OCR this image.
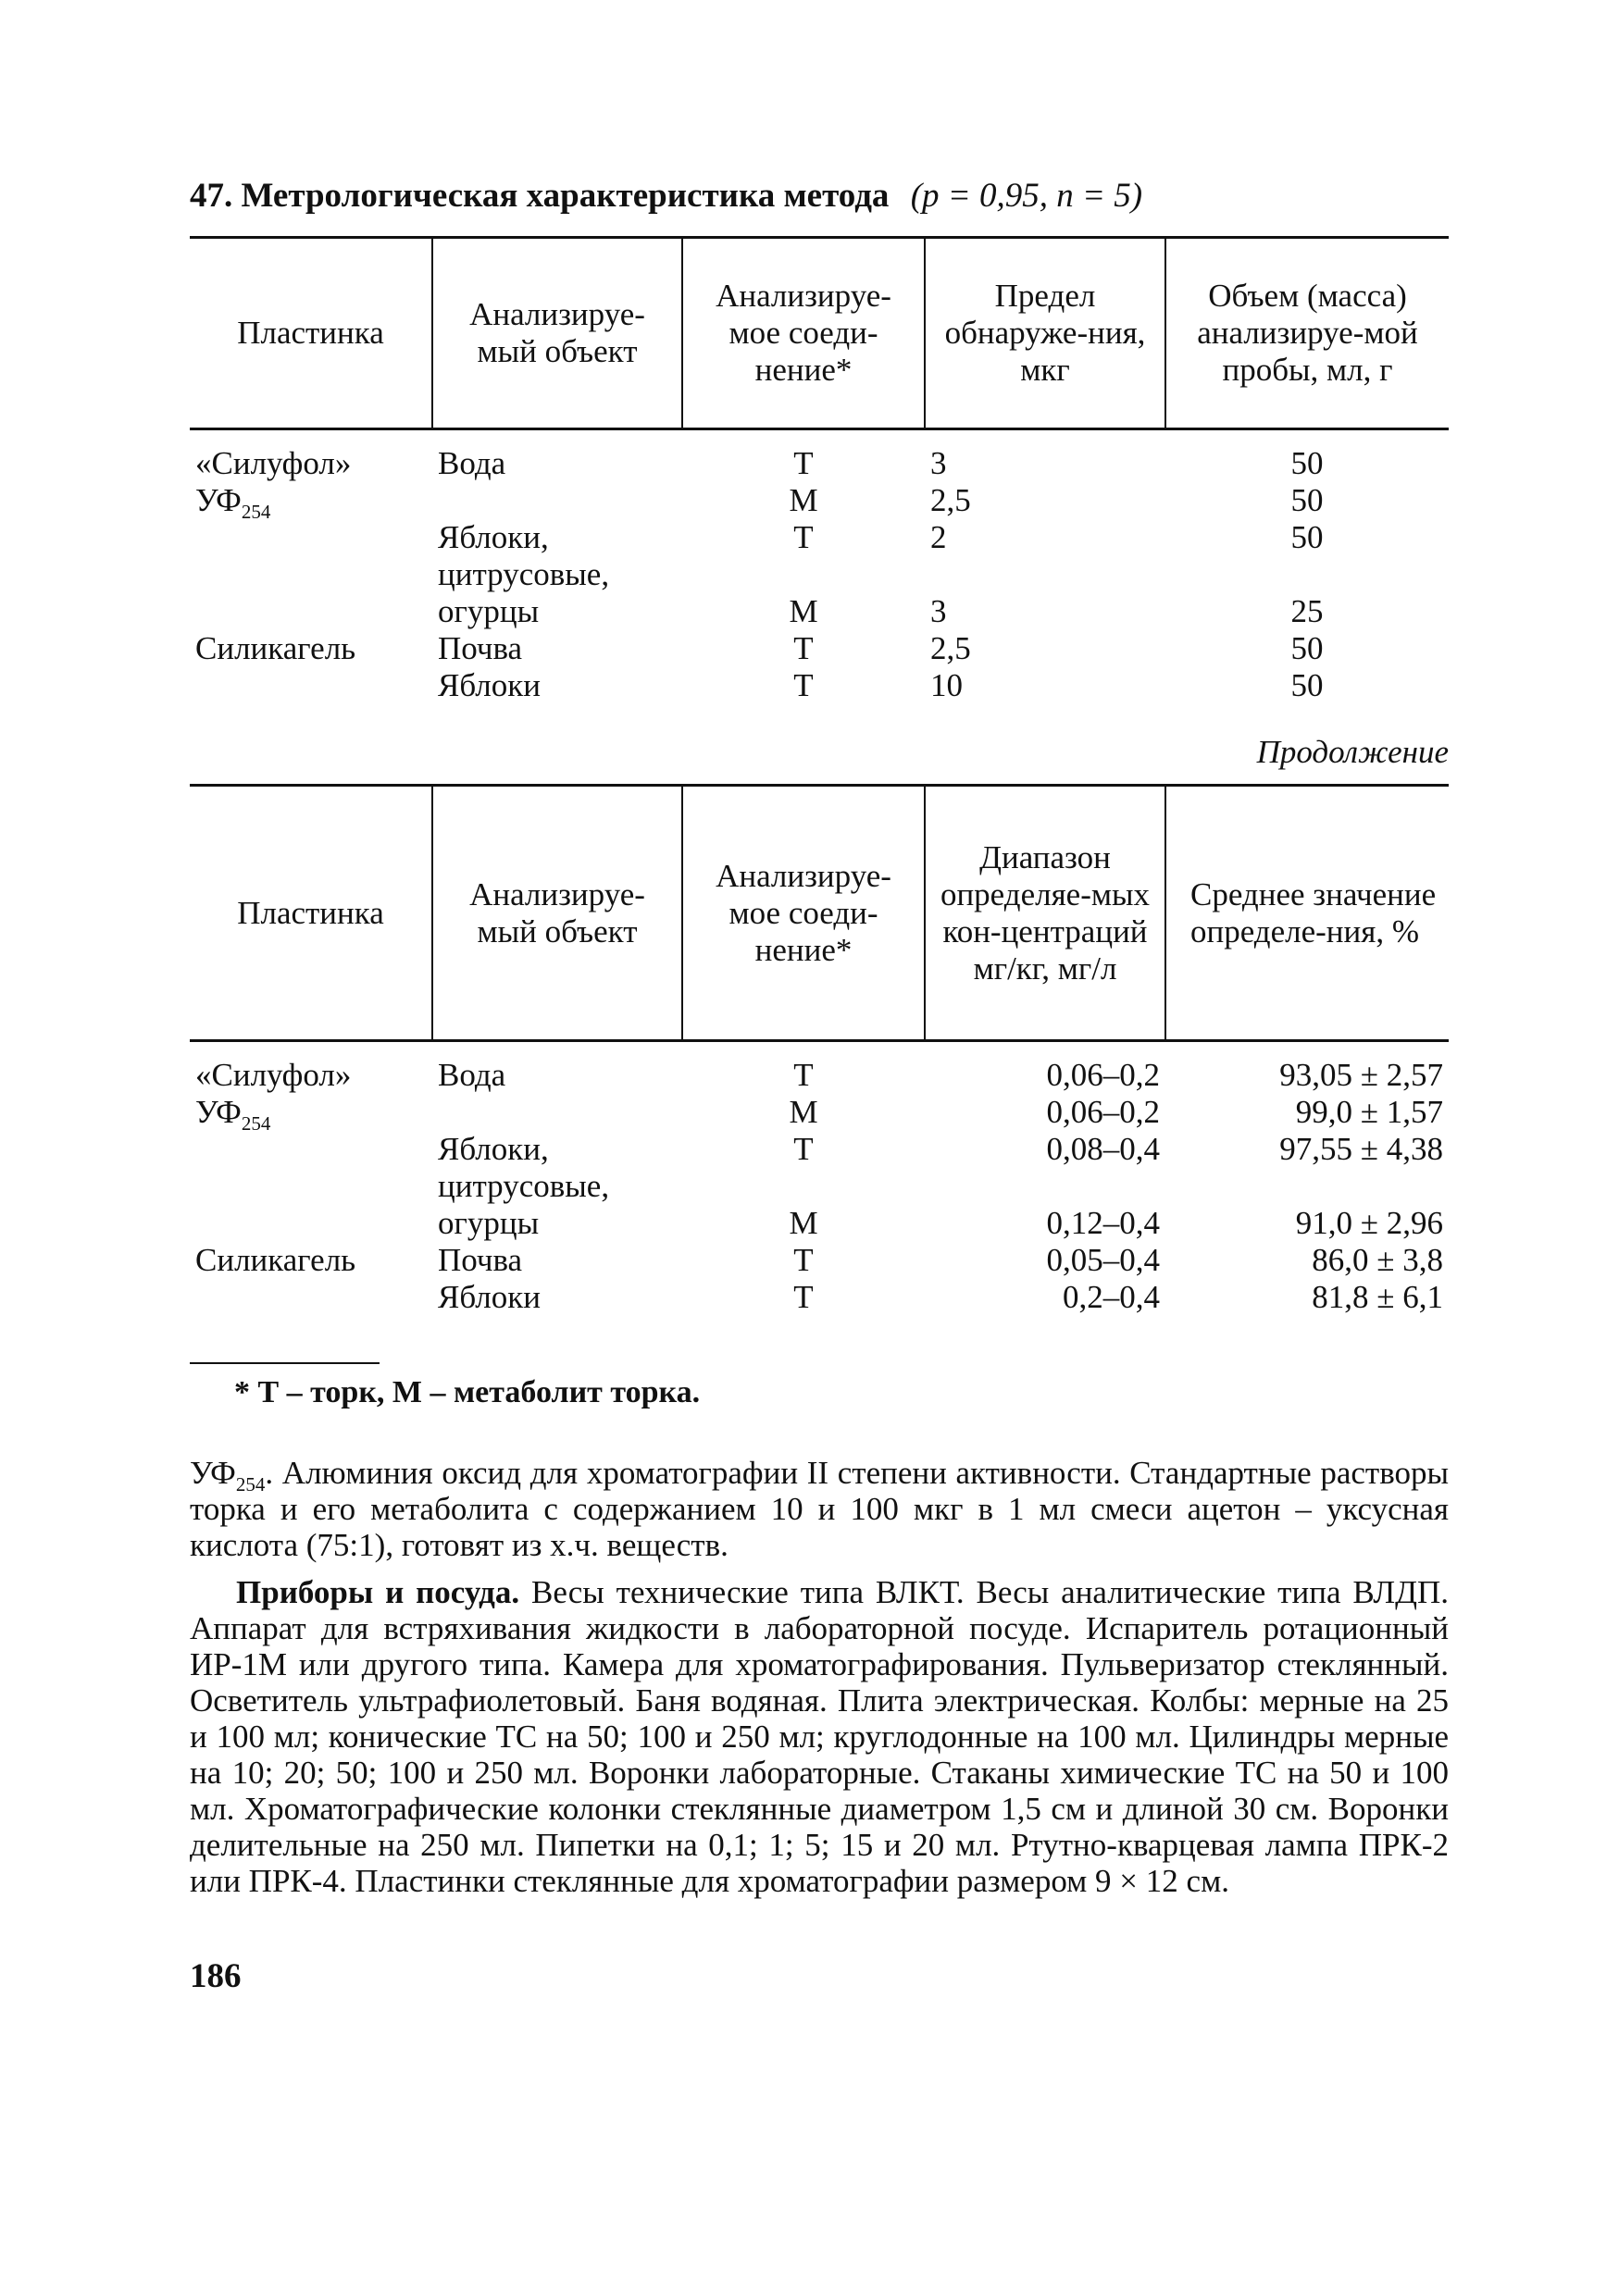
47. Метрологическая характеристика метода (р = 0,95, п = 5)
Пластинка	Анализируе-мый объект	Анализируе-мое соеди-нение*	Предел обнаруже-ния, мкг	Объем (масса) анализируе-мой пробы, мл, г
«Силуфол»	Вода	Т	3	50
$УФ_{254}$		М	2,5	50
	Яблоки,	Т	2	50
	цитрусовые,			
	огурцы	М	3	25
Силикагель	Почва	Т	2,5	50
	Яблоки	Т	10	50
Продолжение
Пластинка	Анализируе-мый объект	Анализируе-мое соеди-нение*	Диапазон определяе-мых кон-центраций мг/кг, мг/л	Среднее значение определе-ния, %
«Силуфол»	Вода	Т	0,06–0,2	93,05 ± 2,57
$УФ_{254}$		М	0,06–0,2	99,0 ± 1,57
	Яблоки,	Т	0,08–0,4	97,55 ± 4,38
	цитрусовые,			
	огурцы	М	0,12–0,4	91,0 ± 2,96
Силикагель	Почва	Т	0,05–0,4	86,0 ± 3,8
	Яблоки	Т	0,2–0,4	81,8 ± 6,1
* Т – торк, М – метаболит торка.

$УФ_{254}$. Алюминия оксид для хроматографии II степени активности. Стандартные растворы торка и его метаболита с содержанием 10 и 100 мкг в 1 мл смеси ацетон – уксусная кислота (75:1), готовят из х.ч. веществ.

Приборы и посуда. Весы технические типа ВЛКТ. Весы аналитические типа ВЛДП. Аппарат для встряхивания жидкости в лабораторной посуде. Испаритель ротационный ИР-1М или другого типа. Камера для хроматографирования. Пульверизатор стеклянный. Осветитель ультрафиолетовый. Баня водяная. Плита электрическая. Колбы: мерные на 25 и 100 мл; конические ТС на 50; 100 и 250 мл; круглодонные на 100 мл. Цилиндры мерные на 10; 20; 50; 100 и 250 мл. Воронки лабораторные. Стаканы химические ТС на 50 и 100 мл. Хроматографические колонки стеклянные диаметром 1,5 см и длиной 30 см. Воронки делительные на 250 мл. Пипетки на 0,1; 1; 5; 15 и 20 мл. Ртутно-кварцевая лампа ПРК-2 или ПРК-4. Пластинки стеклянные для хроматографии размером 9 × 12 см.

186
